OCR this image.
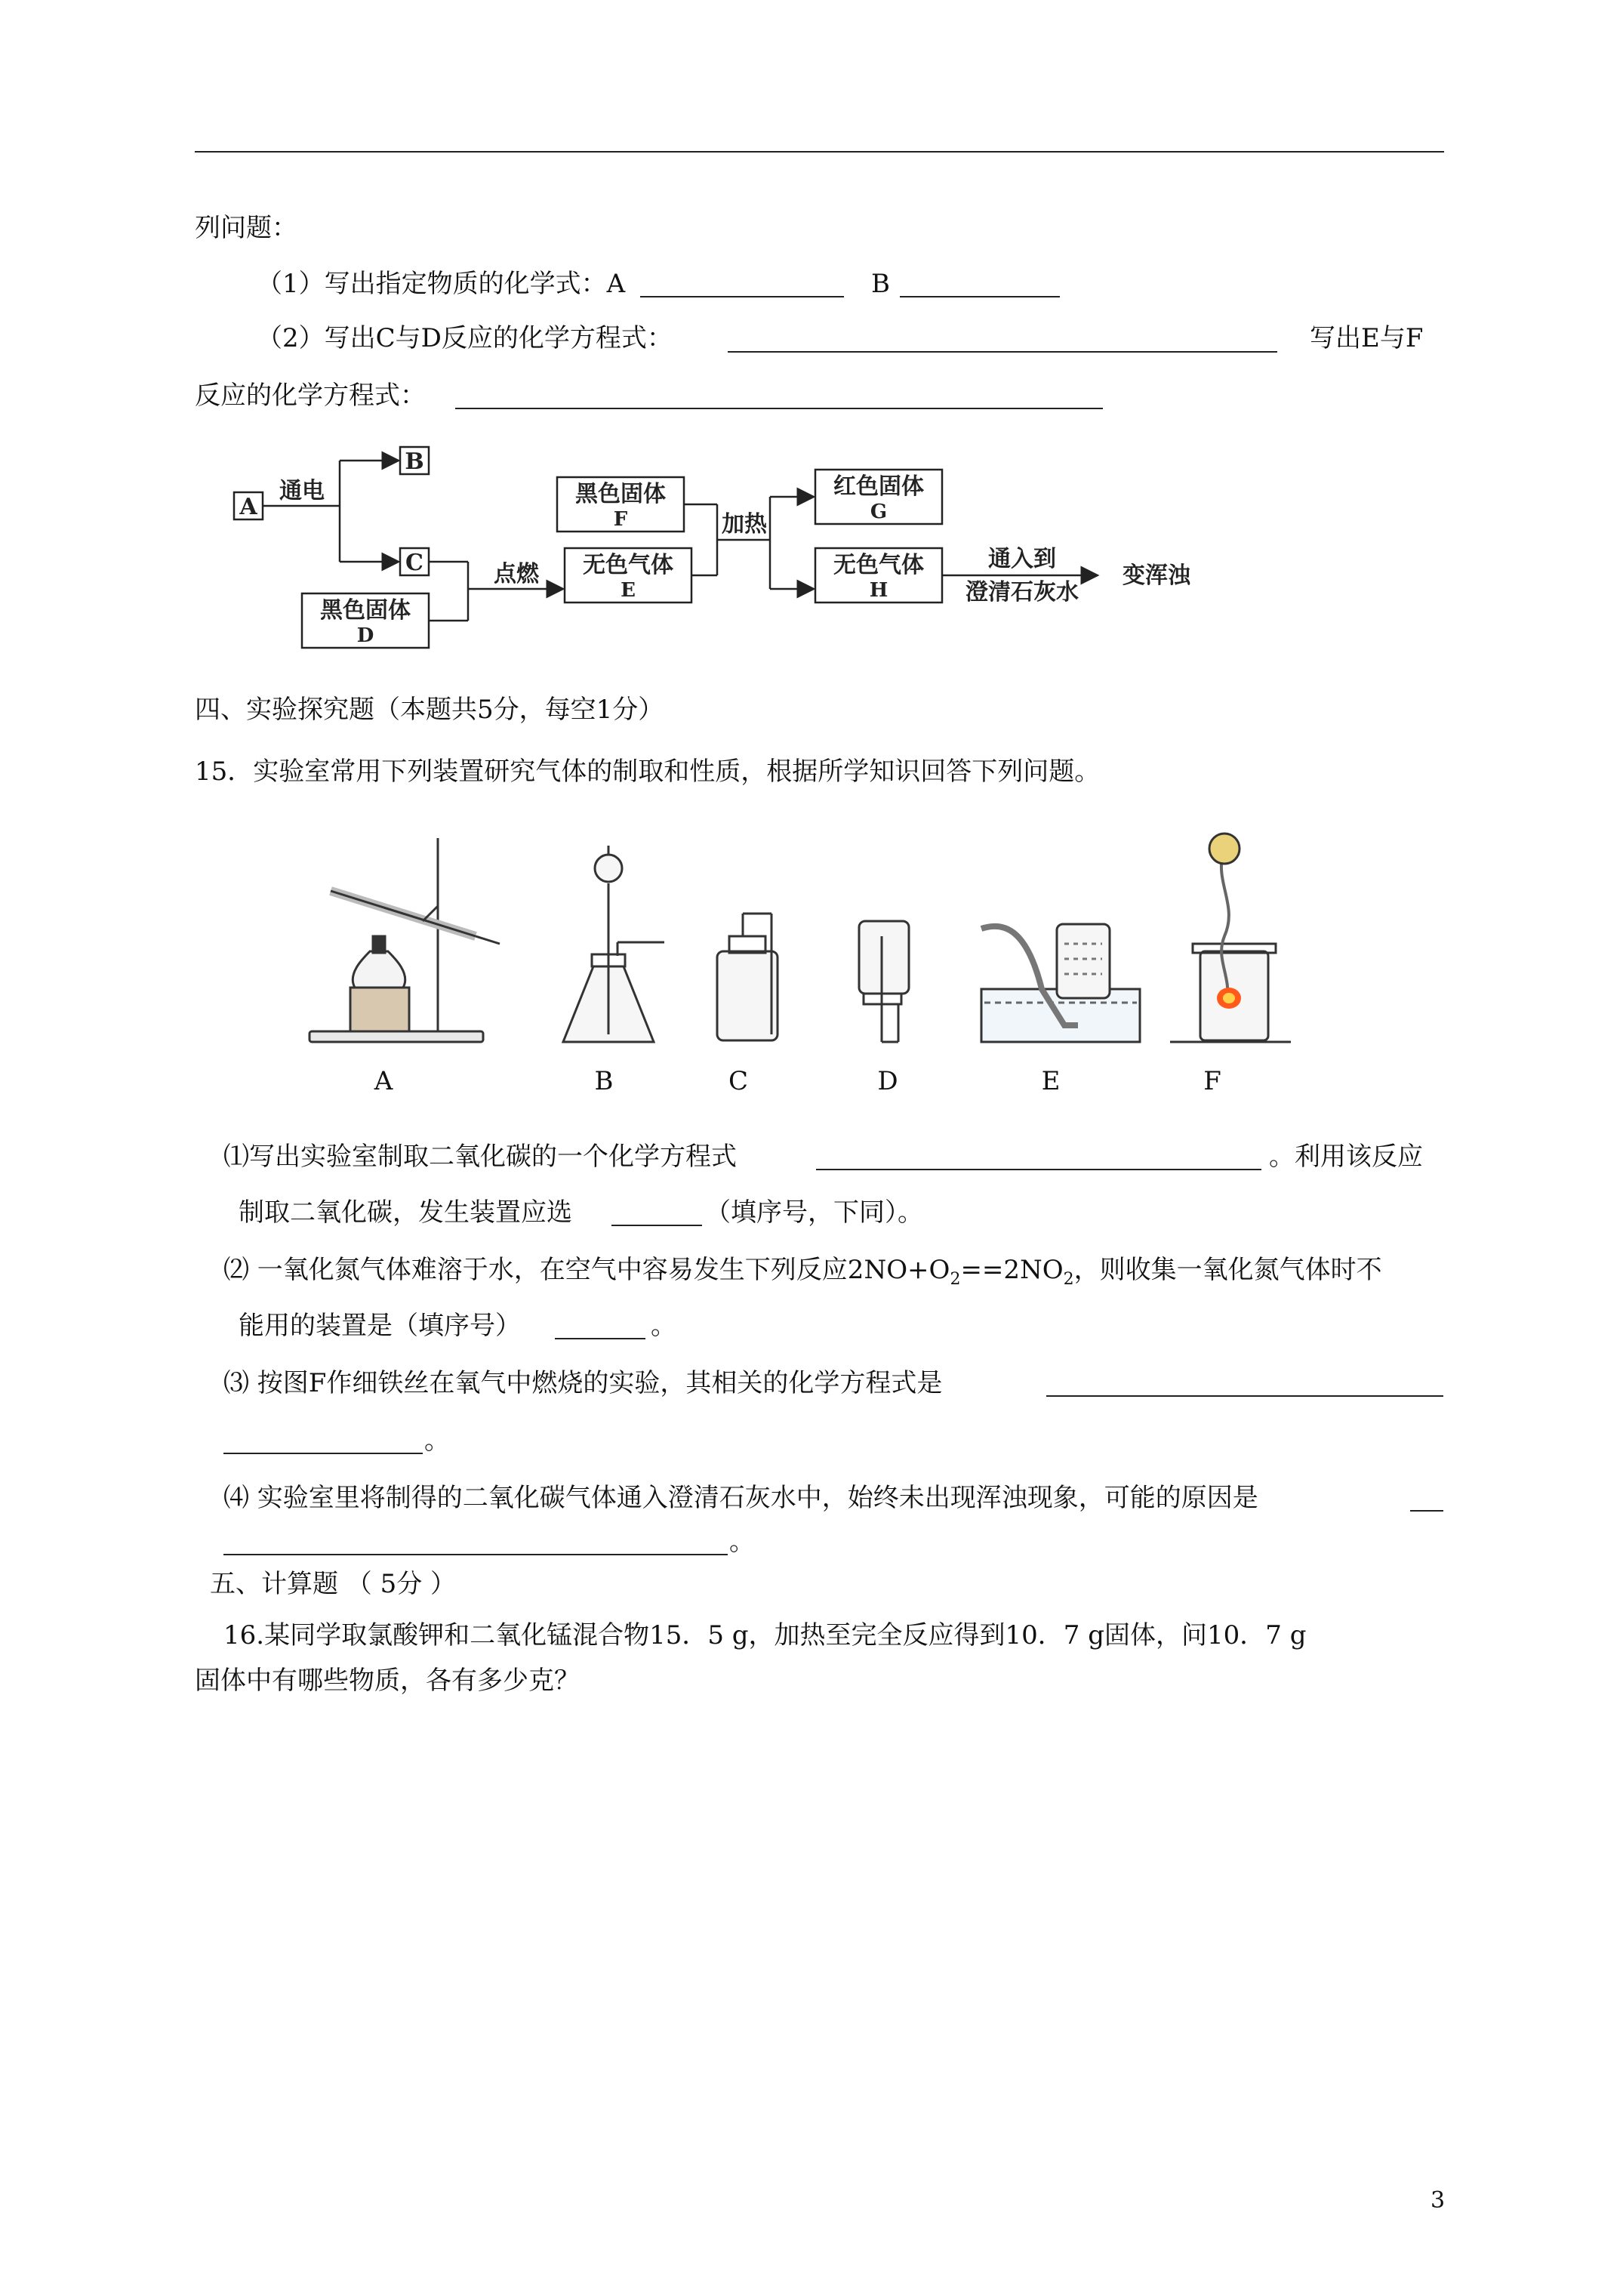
列问题：
（1）写出指定物质的化学式：A	B
（2）写出C与D反应的化学方程式：	写出E与F
反应的化学方程式：
A
B
C
黑色固体
D
无色气体
E
黑色固体
F
红色固体
G
无色气体
H
通电
点燃
加热
通入到
澄清石灰水
变浑浊
四、实验探究题（本题共5分，每空1分）
15．实验室常用下列装置研究气体的制取和性质，根据所学知识回答下列问题。
A	B	C	D	E	F
⑴写出实验室制取二氧化碳的一个化学方程式	。利用该反应
制取二氧化碳，发生装置应选	（填序号，下同）。
⑵ 一氧化氮气体难溶于水，在空气中容易发生下列反应$2NO+O_2==2NO_2$，则收集一氧化氮气体时不
能用的装置是（填序号）	。
⑶ 按图F作细铁丝在氧气中燃烧的实验，其相关的化学方程式是
。
⑷ 实验室里将制得的二氧化碳气体通入澄清石灰水中，始终未出现浑浊现象，可能的原因是
。
五、计算题 （ 5分 ）
16.某同学取氯酸钾和二氧化锰混合物15．5 g，加热至完全反应得到10．7 g固体，问10．7 g
固体中有哪些物质，各有多少克？
3
